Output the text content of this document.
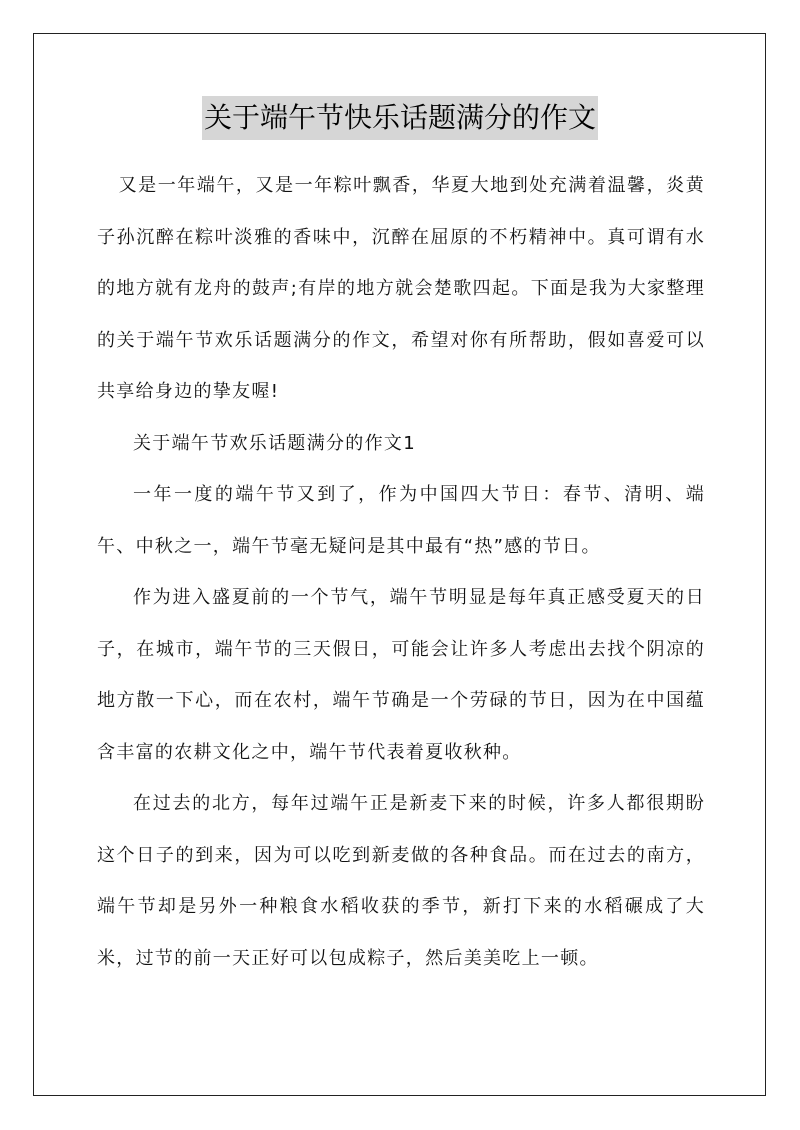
关于端午节快乐话题满分的作文

又是一年端午，又是一年粽叶飘香，华夏大地到处充满着温馨，炎黄子孙沉醉在粽叶淡雅的香味中，沉醉在屈原的不朽精神中。真可谓有水的地方就有龙舟的鼓声;有岸的地方就会楚歌四起。下面是我为大家整理的关于端午节欢乐话题满分的作文，希望对你有所帮助，假如喜爱可以共享给身边的挚友喔!

关于端午节欢乐话题满分的作文1

一年一度的端午节又到了，作为中国四大节日：春节、清明、端午、中秋之一，端午节毫无疑问是其中最有“热”感的节日。

作为进入盛夏前的一个节气，端午节明显是每年真正感受夏天的日子，在城市，端午节的三天假日，可能会让许多人考虑出去找个阴凉的地方散一下心，而在农村，端午节确是一个劳碌的节日，因为在中国蕴含丰富的农耕文化之中，端午节代表着夏收秋种。

在过去的北方，每年过端午正是新麦下来的时候，许多人都很期盼这个日子的到来，因为可以吃到新麦做的各种食品。而在过去的南方，端午节却是另外一种粮食水稻收获的季节，新打下来的水稻碾成了大米，过节的前一天正好可以包成粽子，然后美美吃上一顿。
